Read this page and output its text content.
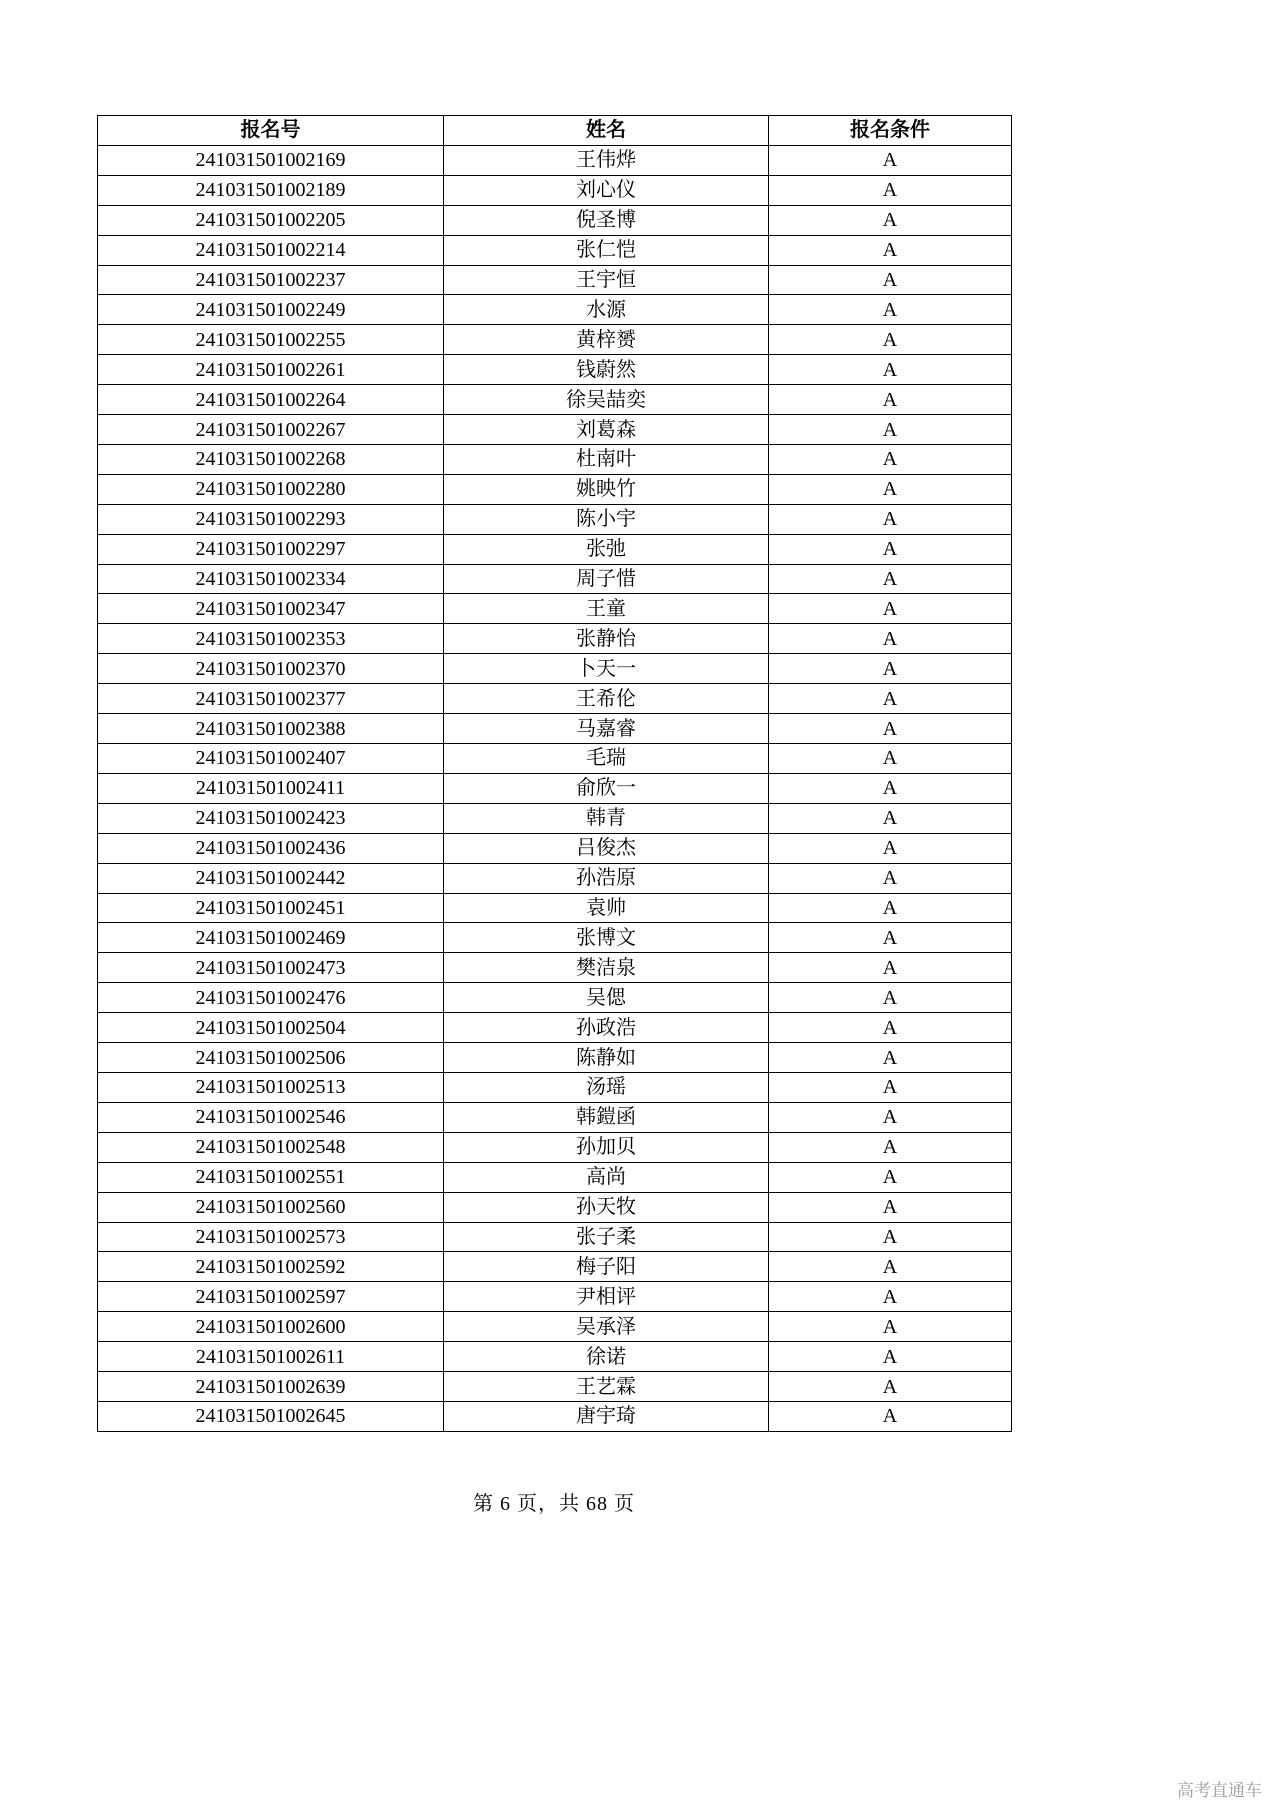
报名号	姓名	报名条件
241031501002169	王伟烨	A
241031501002189	刘心仪	A
241031501002205	倪圣博	A
241031501002214	张仁恺	A
241031501002237	王宇恒	A
241031501002249	水源	A
241031501002255	黄梓赟	A
241031501002261	钱蔚然	A
241031501002264	徐吴喆奕	A
241031501002267	刘葛森	A
241031501002268	杜南叶	A
241031501002280	姚映竹	A
241031501002293	陈小宇	A
241031501002297	张弛	A
241031501002334	周子惜	A
241031501002347	王童	A
241031501002353	张静怡	A
241031501002370	卜天一	A
241031501002377	王希伦	A
241031501002388	马嘉睿	A
241031501002407	毛瑞	A
241031501002411	俞欣一	A
241031501002423	韩青	A
241031501002436	吕俊杰	A
241031501002442	孙浩原	A
241031501002451	袁帅	A
241031501002469	张博文	A
241031501002473	樊洁泉	A
241031501002476	吴偲	A
241031501002504	孙政浩	A
241031501002506	陈静如	A
241031501002513	汤瑶	A
241031501002546	韩鎧函	A
241031501002548	孙加贝	A
241031501002551	高尚	A
241031501002560	孙天牧	A
241031501002573	张子柔	A
241031501002592	梅子阳	A
241031501002597	尹相评	A
241031501002600	吴承泽	A
241031501002611	徐诺	A
241031501002639	王艺霖	A
241031501002645	唐宇琦	A
第 6 页，共 68 页
高考直通车
